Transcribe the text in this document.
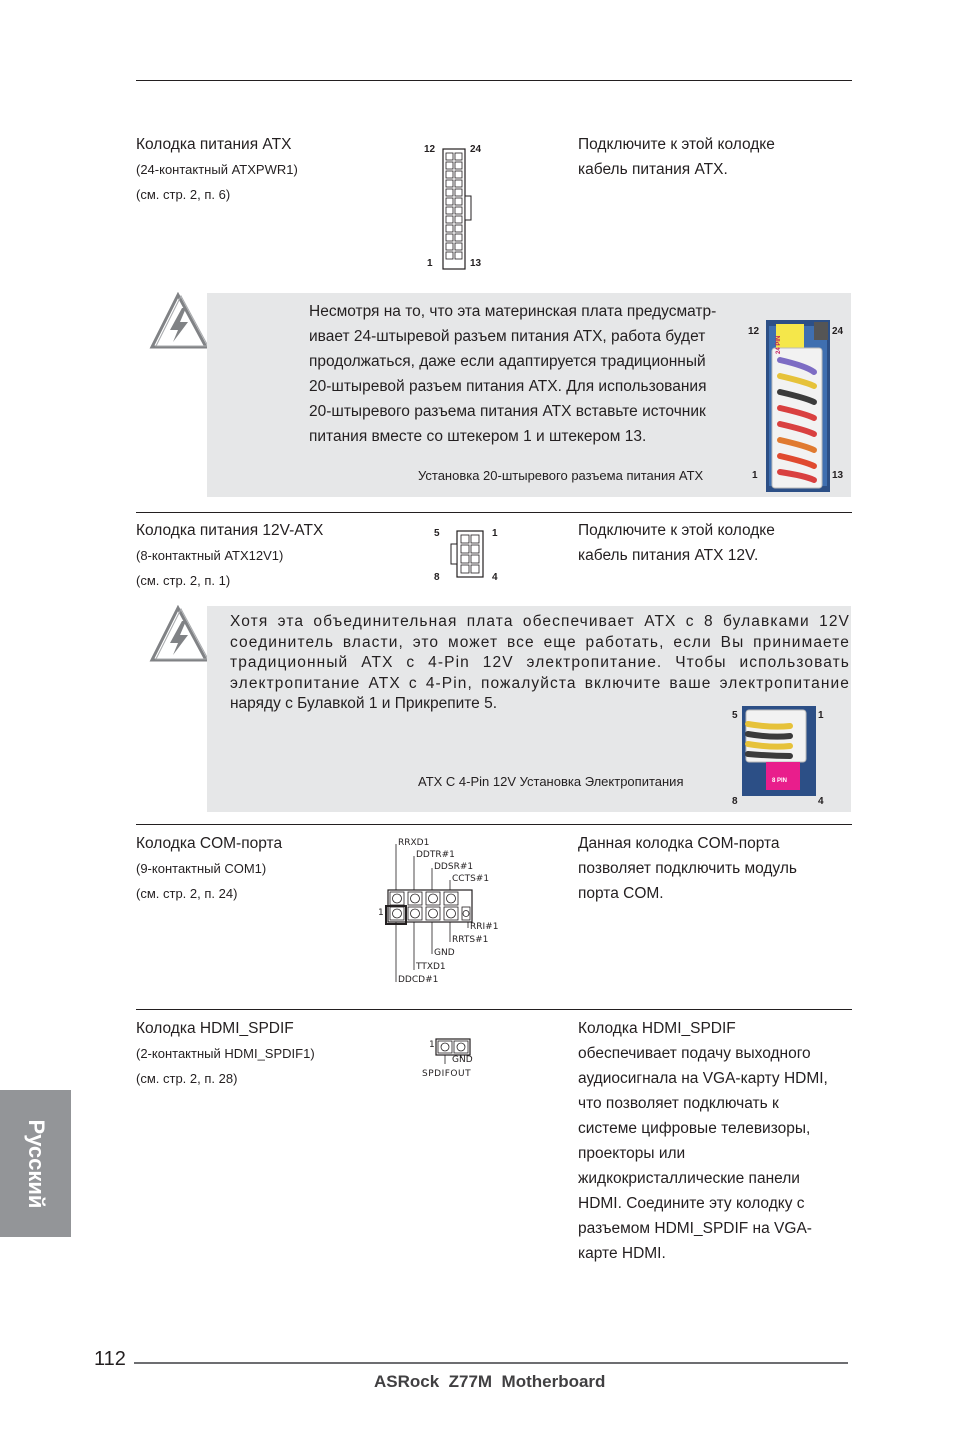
Колодка питания ATX
(24-контактный ATXPWR1)
(см. стр. 2, п. 6)
12	24
1	13
Подключите к этой колодке
кабель питания ATX.
Несмотря на то, что эта материнская плата предусматр-
ивает 24-штыревой разъем питания ATX, работа будет
продолжаться, даже если адаптируется традиционный
20-штыревой разъем питания ATX. Для использования
20-штыревого разъема питания ATX вставьте источник
питания вместе со штекером 1 и штекером 13.
Установка 20-штыревого разъема питания ATX
12	24
24 PIN
1	13
Колодка питания 12V-ATX
(8-контактный ATX12V1)
(см. стр. 2, п. 1)
5	1
8	4
Подключите к этой колодке
кабель питания ATX 12V.
Хотя эта объединительная плата обеспечивает ATX с 8 булавками 12V
соединитель власти, это может все еще работать, если Вы принимаете
традиционный ATX с 4-Pin 12V электропитание. Чтобы использовать
электропитание ATX с 4-Pin, пожалуйста включите ваше электропитание
наряду с Булавкой 1 и Прикрепите 5.
ATX С 4-Pin 12V Установка Электропитания
5	1
8 PIN
8	4
Колодка COM-порта
(9-контактный COM1)
(см. стр. 2, п. 24)
RRXD1
DDTR#1
DDSR#1
CCTS#1
1
RRI#1
RRTS#1
GND
TTXD1
DDCD#1
Данная колодка COM-порта
позволяет подключить модуль
порта COM.
Колодка HDMI_SPDIF
(2-контактный HDMI_SPDIF1)
(см. стр. 2, п. 28)
1
GND
SPDIFOUT
Колодка HDMI_SPDIF
обеспечивает подачу выходного
аудиосигнала на VGA-карту HDMI,
что позволяет подключать к
системе цифровые телевизоры,
проекторы или
жидкокристаллические панели
HDMI. Соедините эту колодку с
разъемом HDMI_SPDIF на VGA-
карте HDMI.
Русский
112
ASRock  Z77M  Motherboard
